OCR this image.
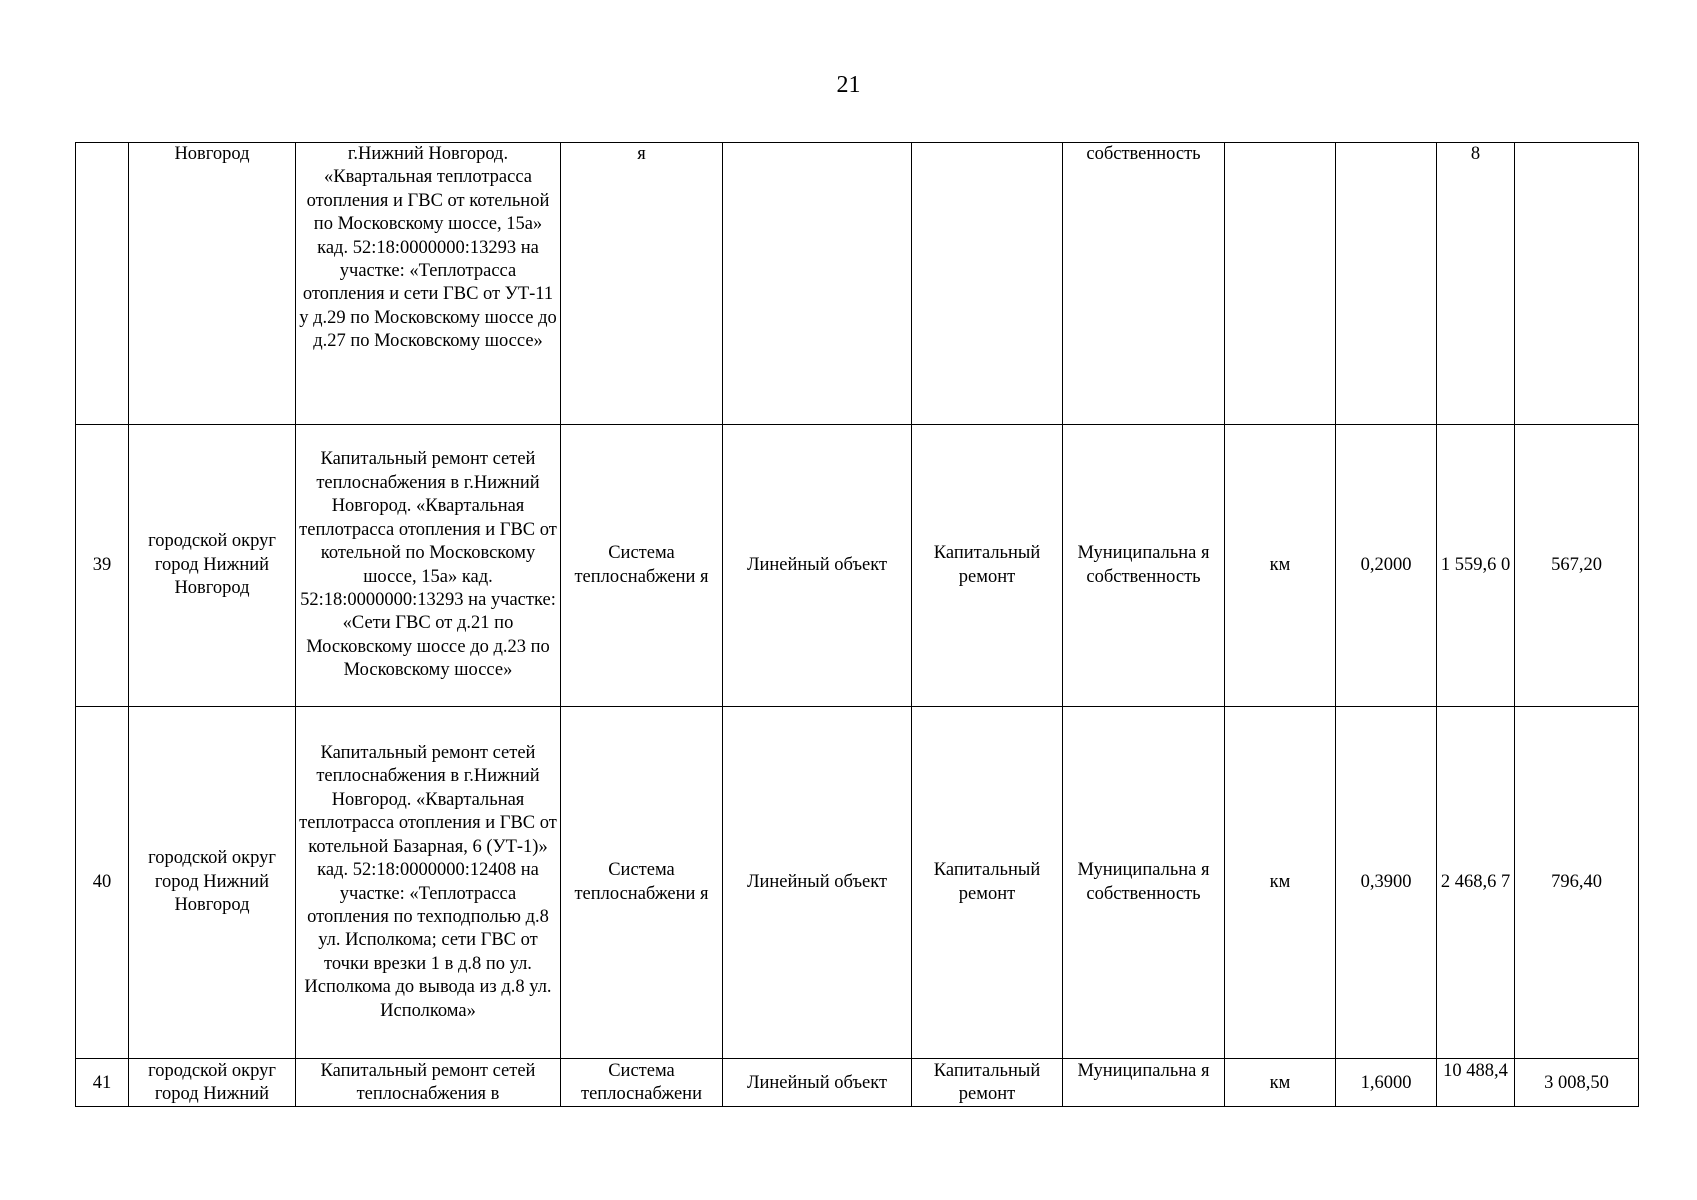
21
	Новгород	г.Нижний Новгород. «Квартальная теплотрасса отопления и ГВС от котельной по Московскому шоссе, 15а» кад. 52:18:0000000:13293 на участке: «Теплотрасса отопления и сети ГВС от УТ-11 у д.29 по Московскому шоссе до д.27 по Московскому шоссе»	я			собственность			8	
39	городской округ город Нижний Новгород	Капитальный ремонт сетей теплоснабжения в г.Нижний Новгород. «Квартальная теплотрасса отопления и ГВС от котельной по Московскому шоссе, 15а» кад. 52:18:0000000:13293 на участке: «Сети ГВС от д.21 по Московскому шоссе до д.23 по Московскому шоссе»	Система теплоснабжени я	Линейный объект	Капитальный ремонт	Муниципальна я собственность	км	0,2000	1 559,6 0	567,20
40	городской округ город Нижний Новгород	Капитальный ремонт сетей теплоснабжения в г.Нижний Новгород. «Квартальная теплотрасса отопления и ГВС от котельной Базарная, 6 (УТ-1)» кад. 52:18:0000000:12408 на участке: «Теплотрасса отопления по техподполью д.8 ул. Исполкома; сети ГВС от точки врезки 1 в д.8 по ул. Исполкома до вывода из д.8 ул. Исполкома»	Система теплоснабжени я	Линейный объект	Капитальный ремонт	Муниципальна я собственность	км	0,3900	2 468,6 7	796,40

41	городской округ город Нижний	Капитальный ремонт сетей теплоснабжения в	Система теплоснабжени	Линейный объект	Капитальный ремонт	Муниципальна я	км	1,6000	10 488,4	3 008,50
